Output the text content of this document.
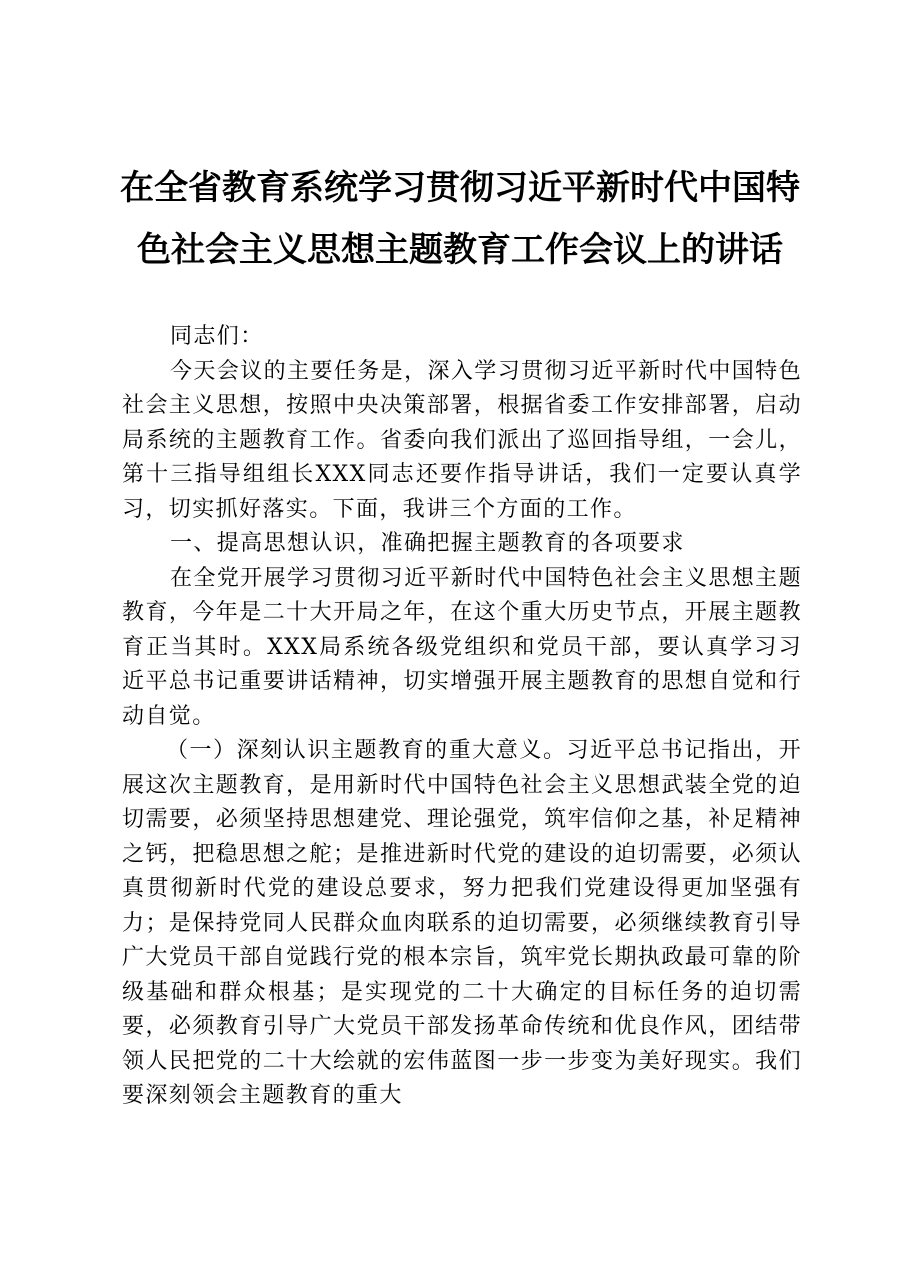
在全省教育系统学习贯彻习近平新时代中国特
色社会主义思想主题教育工作会议上的讲话

同志们：

今天会议的主要任务是，深入学习贯彻习近平新时代中国特色社会主义思想，按照中央决策部署，根据省委工作安排部署，启动局系统的主题教育工作。省委向我们派出了巡回指导组，一会儿，第十三指导组组长XXX同志还要作指导讲话，我们一定要认真学习，切实抓好落实。下面，我讲三个方面的工作。

一、提高思想认识，准确把握主题教育的各项要求

在全党开展学习贯彻习近平新时代中国特色社会主义思想主题教育，今年是二十大开局之年，在这个重大历史节点，开展主题教育正当其时。XXX局系统各级党组织和党员干部，要认真学习习近平总书记重要讲话精神，切实增强开展主题教育的思想自觉和行动自觉。

（一）深刻认识主题教育的重大意义。习近平总书记指出，开展这次主题教育，是用新时代中国特色社会主义思想武装全党的迫切需要，必须坚持思想建党、理论强党，筑牢信仰之基，补足精神之钙，把稳思想之舵；是推进新时代党的建设的迫切需要，必须认真贯彻新时代党的建设总要求，努力把我们党建设得更加坚强有力；是保持党同人民群众血肉联系的迫切需要，必须继续教育引导广大党员干部自觉践行党的根本宗旨，筑牢党长期执政最可靠的阶级基础和群众根基；是实现党的二十大确定的目标任务的迫切需要，必须教育引导广大党员干部发扬革命传统和优良作风，团结带领人民把党的二十大绘就的宏伟蓝图一步一步变为美好现实。我们要深刻领会主题教育的重大
